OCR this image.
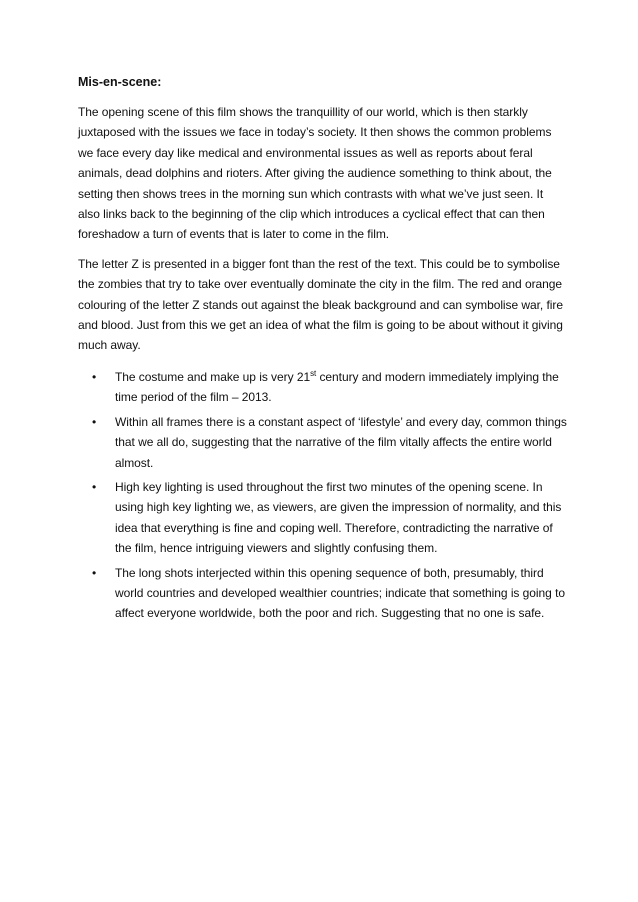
Mis-en-scene:

The opening scene of this film shows the tranquillity of our world, which is then starkly juxtaposed with the issues we face in today’s society. It then shows the common problems we face every day like medical and environmental issues as well as reports about feral animals, dead dolphins and rioters. After giving the audience something to think about, the setting then shows trees in the morning sun which contrasts with what we’ve just seen. It also links back to the beginning of the clip which introduces a cyclical effect that can then foreshadow a turn of events that is later to come in the film.

The letter Z is presented in a bigger font than the rest of the text. This could be to symbolise the zombies that try to take over eventually dominate the city in the film. The red and orange colouring of the letter Z stands out against the bleak background and can symbolise war, fire and blood. Just from this we get an idea of what the film is going to be about without it giving much away.

• The costume and make up is very 21st century and modern immediately implying the time period of the film – 2013.
• Within all frames there is a constant aspect of ‘lifestyle’ and every day, common things that we all do, suggesting that the narrative of the film vitally affects the entire world almost.
• High key lighting is used throughout the first two minutes of the opening scene. In using high key lighting we, as viewers, are given the impression of normality, and this idea that everything is fine and coping well. Therefore, contradicting the narrative of the film, hence intriguing viewers and slightly confusing them.
• The long shots interjected within this opening sequence of both, presumably, third world countries and developed wealthier countries; indicate that something is going to affect everyone worldwide, both the poor and rich. Suggesting that no one is safe.
